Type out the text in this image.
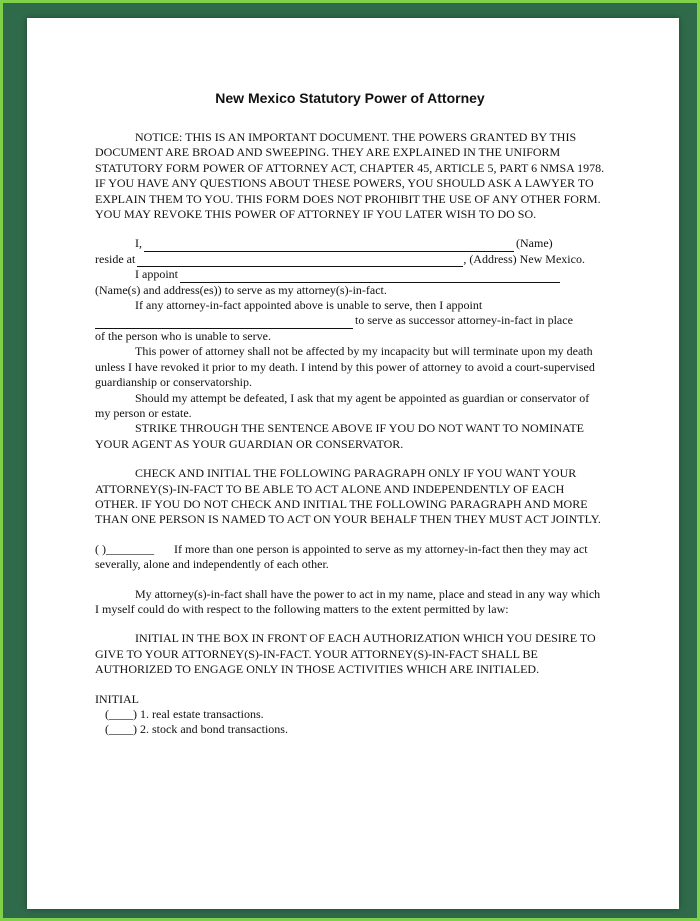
New Mexico Statutory Power of Attorney

NOTICE: THIS IS AN IMPORTANT DOCUMENT. THE POWERS GRANTED BY THIS DOCUMENT ARE BROAD AND SWEEPING. THEY ARE EXPLAINED IN THE UNIFORM STATUTORY FORM POWER OF ATTORNEY ACT, CHAPTER 45, ARTICLE 5, PART 6 NMSA 1978. IF YOU HAVE ANY QUESTIONS ABOUT THESE POWERS, YOU SHOULD ASK A LAWYER TO EXPLAIN THEM TO YOU. THIS FORM DOES NOT PROHIBIT THE USE OF ANY OTHER FORM. YOU MAY REVOKE THIS POWER OF ATTORNEY IF YOU LATER WISH TO DO SO.

I,	(Name)
reside at	, (Address) New Mexico.
I appoint

(Name(s) and address(es)) to serve as my attorney(s)-in-fact.

If any attorney-in-fact appointed above is unable to serve, then I appoint

to serve as successor attorney-in-fact in place

of the person who is unable to serve.

This power of attorney shall not be affected by my incapacity but will terminate upon my death unless I have revoked it prior to my death. I intend by this power of attorney to avoid a court-supervised guardianship or conservatorship.

Should my attempt be defeated, I ask that my agent be appointed as guardian or conservator of my person or estate.

STRIKE THROUGH THE SENTENCE ABOVE IF YOU DO NOT WANT TO NOMINATE YOUR AGENT AS YOUR GUARDIAN OR CONSERVATOR.

CHECK AND INITIAL THE FOLLOWING PARAGRAPH ONLY IF YOU WANT YOUR ATTORNEY(S)-IN-FACT TO BE ABLE TO ACT ALONE AND INDEPENDENTLY OF EACH OTHER. IF YOU DO NOT CHECK AND INITIAL THE FOLLOWING PARAGRAPH AND MORE THAN ONE PERSON IS NAMED TO ACT ON YOUR BEHALF THEN THEY MUST ACT JOINTLY.

( )________ If more than one person is appointed to serve as my attorney-in-fact then they may act severally, alone and independently of each other.

My attorney(s)-in-fact shall have the power to act in my name, place and stead in any way which I myself could do with respect to the following matters to the extent permitted by law:

INITIAL IN THE BOX IN FRONT OF EACH AUTHORIZATION WHICH YOU DESIRE TO GIVE TO YOUR ATTORNEY(S)-IN-FACT. YOUR ATTORNEY(S)-IN-FACT SHALL BE AUTHORIZED TO ENGAGE ONLY IN THOSE ACTIVITIES WHICH ARE INITIALED.

INITIAL

(____) 1. real estate transactions.

(____) 2. stock and bond transactions.
